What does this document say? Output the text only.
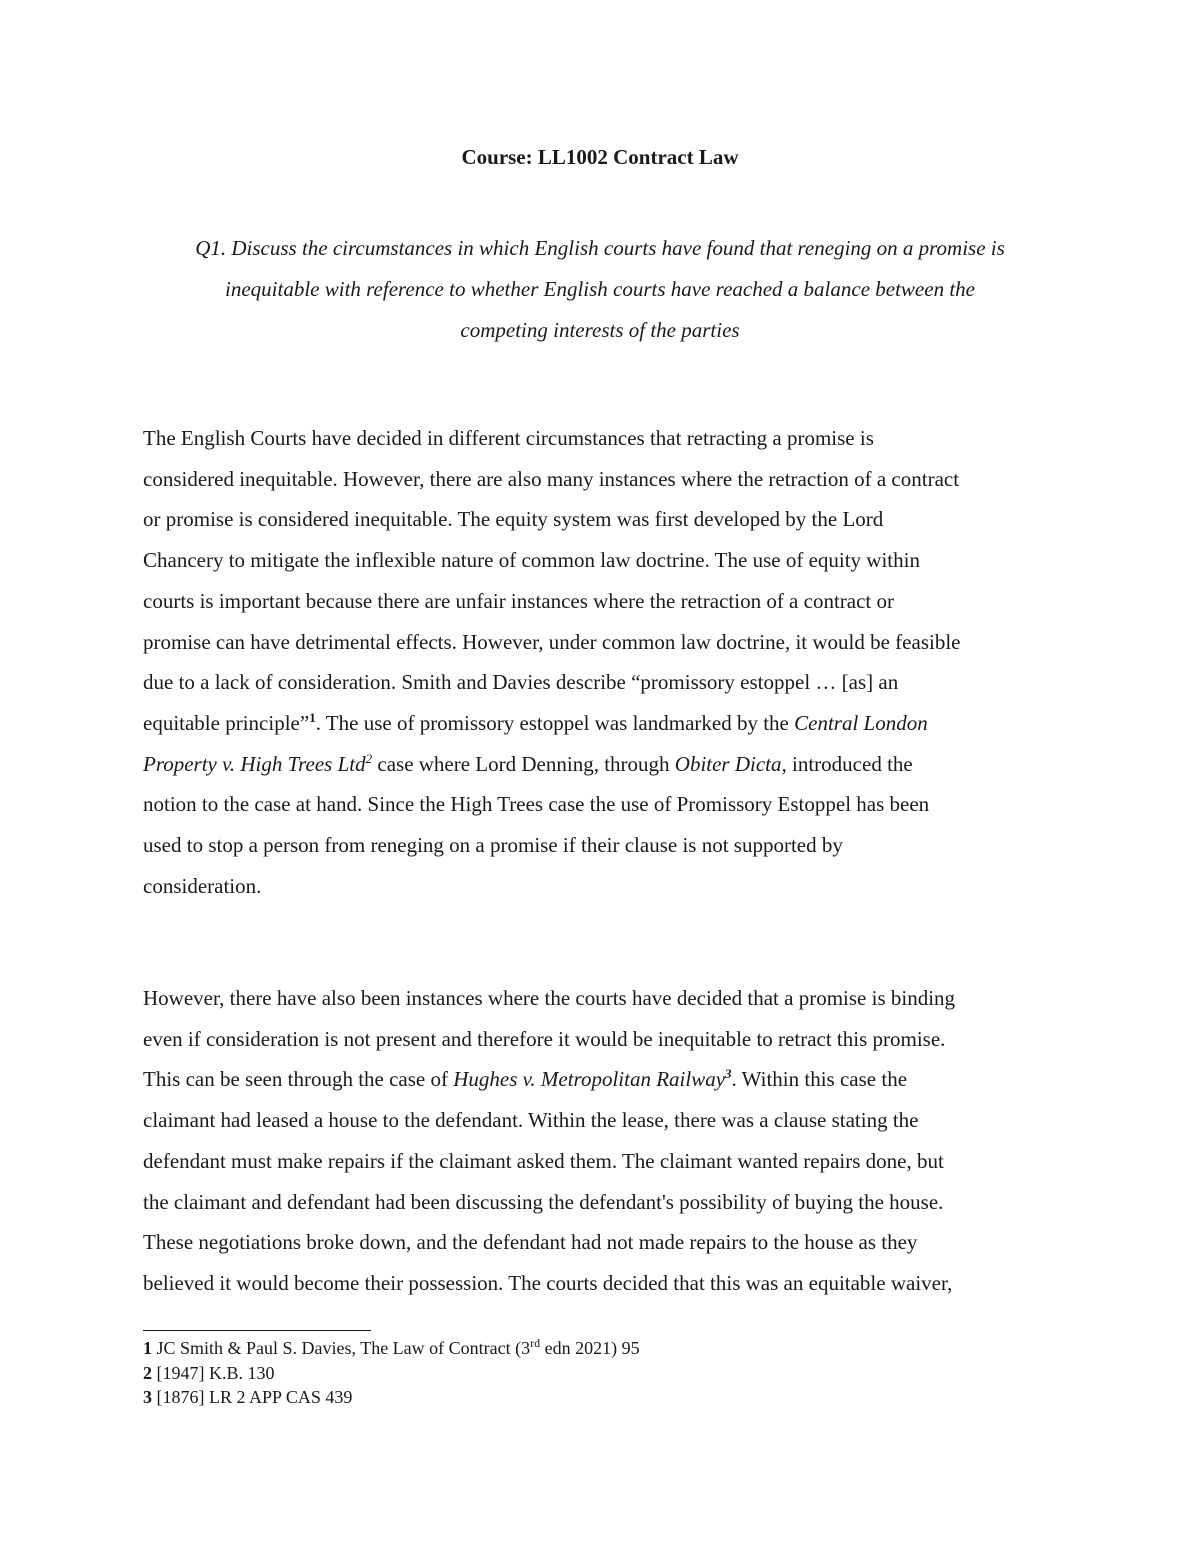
Course: LL1002 Contract Law
Q1. Discuss the circumstances in which English courts have found that reneging on a promise is
inequitable with reference to whether English courts have reached a balance between the
competing interests of the parties
The English Courts have decided in different circumstances that retracting a promise is
considered inequitable. However, there are also many instances where the retraction of a contract
or promise is considered inequitable. The equity system was first developed by the Lord
Chancery to mitigate the inflexible nature of common law doctrine. The use of equity within
courts is important because there are unfair instances where the retraction of a contract or
promise can have detrimental effects. However, under common law doctrine, it would be feasible
due to a lack of consideration. Smith and Davies describe “promissory estoppel … [as] an
equitable principle”$^1$. The use of promissory estoppel was landmarked by the Central London
Property v. High Trees Ltd$^2$ case where Lord Denning, through Obiter Dicta, introduced the
notion to the case at hand. Since the High Trees case the use of Promissory Estoppel has been
used to stop a person from reneging on a promise if their clause is not supported by
consideration.
However, there have also been instances where the courts have decided that a promise is binding
even if consideration is not present and therefore it would be inequitable to retract this promise.
This can be seen through the case of Hughes v. Metropolitan Railway$^3$. Within this case the
claimant had leased a house to the defendant. Within the lease, there was a clause stating the
defendant must make repairs if the claimant asked them. The claimant wanted repairs done, but
the claimant and defendant had been discussing the defendant's possibility of buying the house.
These negotiations broke down, and the defendant had not made repairs to the house as they
believed it would become their possession. The courts decided that this was an equitable waiver,
1 JC Smith & Paul S. Davies, The Law of Contract (3rd edn 2021) 95
2 [1947] K.B. 130
3 [1876] LR 2 APP CAS 439
